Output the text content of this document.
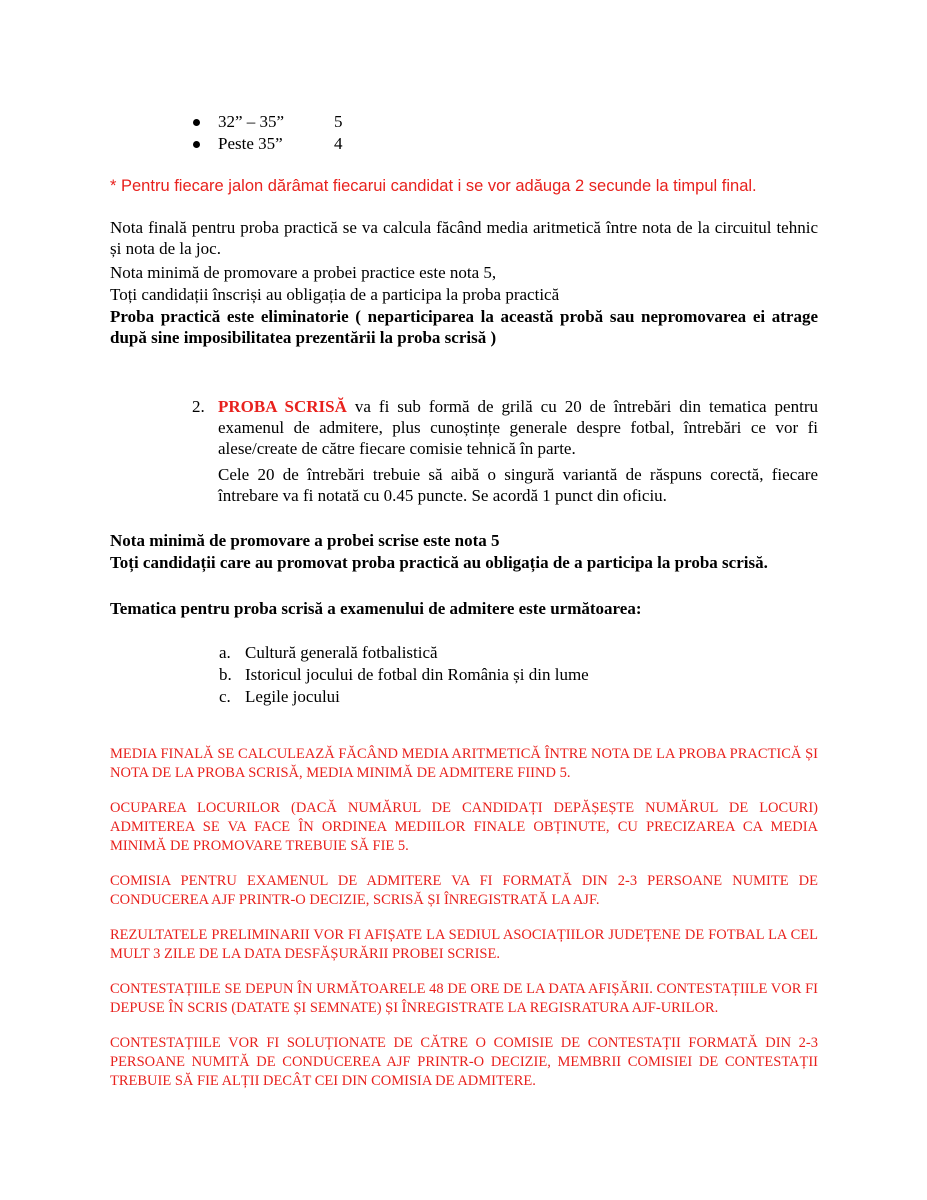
32” – 35”	5
Peste 35”	4
* Pentru fiecare jalon dărâmat fiecarui candidat i se vor adăuga 2 secunde la timpul final.
Nota finală pentru proba practică se va calcula făcând media aritmetică între nota de la circuitul tehnic și nota de la joc.
Nota minimă de promovare a probei practice este nota 5,
Toți candidații înscriși au obligația de a participa la proba practică
Proba practică este eliminatorie ( neparticiparea la această probă sau nepromovarea ei atrage după sine imposibilitatea prezentării la proba scrisă )
2. PROBA SCRISĂ va fi sub formă de grilă cu 20 de întrebări din tematica pentru examenul de admitere, plus cunoștințe generale despre fotbal, întrebări ce vor fi alese/create de către fiecare comisie tehnică în parte.
Cele 20 de întrebări trebuie să aibă o singură variantă de răspuns corectă, fiecare întrebare va fi notată cu 0.45 puncte. Se acordă 1 punct din oficiu.
Nota minimă de promovare a probei scrise este nota 5
Toți candidații care au promovat proba practică au obligația de a participa la proba scrisă.
Tematica pentru proba scrisă a examenului de admitere este următoarea:
a. Cultură generală fotbalistică
b. Istoricul jocului de fotbal din România și din lume
c. Legile jocului
MEDIA FINALĂ SE CALCULEAZĂ FĂCÂND MEDIA ARITMETICĂ ÎNTRE NOTA DE LA PROBA PRACTICĂ ȘI NOTA DE LA PROBA SCRISĂ, MEDIA MINIMĂ DE ADMITERE FIIND 5.
OCUPAREA LOCURILOR (DACĂ NUMĂRUL DE CANDIDAȚI DEPĂȘEȘTE NUMĂRUL DE LOCURI) ADMITEREA SE VA FACE ÎN ORDINEA MEDIILOR FINALE OBȚINUTE, CU PRECIZAREA CA MEDIA MINIMĂ DE PROMOVARE TREBUIE SĂ FIE 5.
COMISIA PENTRU EXAMENUL DE ADMITERE VA FI FORMATĂ DIN 2-3 PERSOANE NUMITE DE CONDUCEREA AJF PRINTR-O DECIZIE, SCRISĂ ȘI ÎNREGISTRATĂ LA AJF.
REZULTATELE PRELIMINARII VOR FI AFIȘATE LA SEDIUL ASOCIAȚIILOR JUDEȚENE DE FOTBAL LA CEL MULT 3 ZILE DE LA DATA DESFĂȘURĂRII PROBEI SCRISE.
CONTESTAȚIILE SE DEPUN ÎN URMĂTOARELE 48 DE ORE DE LA DATA AFIȘĂRII. CONTESTAȚIILE VOR FI DEPUSE ÎN SCRIS (DATATE ȘI SEMNATE) ȘI ÎNREGISTRATE LA REGISRATURA AJF-URILOR.
CONTESTAȚIILE VOR FI SOLUȚIONATE DE CĂTRE O COMISIE DE CONTESTAȚII FORMATĂ DIN 2-3 PERSOANE NUMITĂ DE CONDUCEREA AJF PRINTR-O DECIZIE, MEMBRII COMISIEI DE CONTESTAȚII TREBUIE SĂ FIE ALȚII DECÂT CEI DIN COMISIA DE ADMITERE.
